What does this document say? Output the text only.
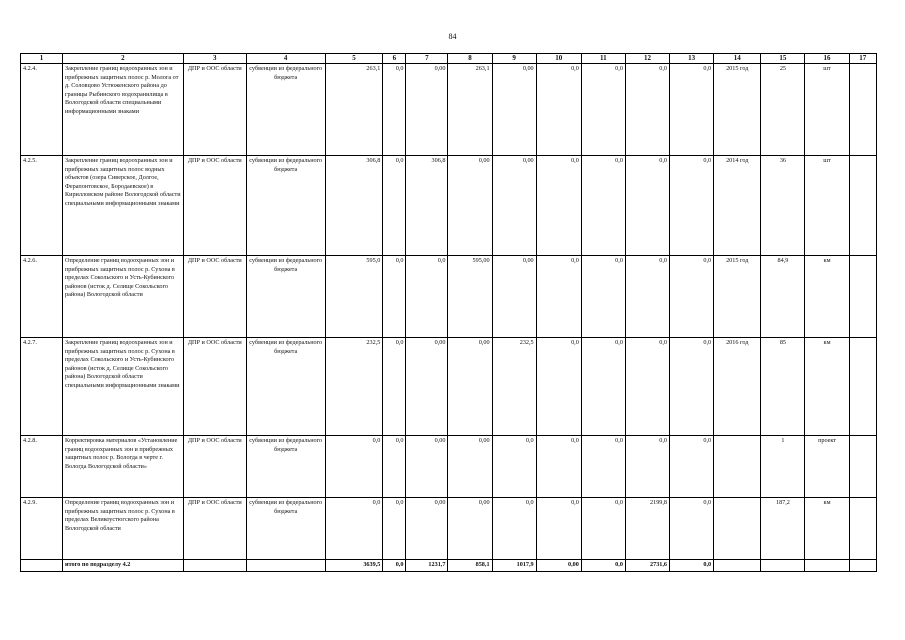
84
1	2	3	4	5	6	7	8	9	10	11	12	13	14	15	16	17
4.2.4.	Закрепление границ водоохранных зон и прибрежных защитных полос р. Молога от д. Соловцово Устюженского района до границы Рыбинского водохранилища в Вологодской области специальными информационными знаками	ДПР и ООС области	субвенции из федерального бюджета	263,1	0,0	0,00	263,1	0,00	0,0	0,0	0,0	0,0	2015 год	25	шт	
4.2.5.	Закрепление границ водоохранных зон и прибрежных защитных полос водных объектов (озера Сиверское, Долгое, Ферапонтовское, Бородаевское) в Кирилловском районе Вологодской области специальными информационными знаками	ДПР и ООС области	субвенции из федерального бюджета	306,8	0,0	306,8	0,00	0,00	0,0	0,0	0,0	0,0	2014 год	36	шт	
4.2.6.	Определение границ водоохранных зон и прибрежных защитных полос р. Сухона в пределах Сокольского и Усть-Кубинского районов (исток д. Селище Сокольского района) Вологодской области	ДПР и ООС области	субвенции из федерального бюджета	595,0	0,0	0,0	595,00	0,00	0,0	0,0	0,0	0,0	2015 год	84,9	км	
4.2.7.	Закрепление границ водоохранных зон и прибрежных защитных полос р. Сухона в пределах Сокольского и Усть-Кубинского районов (исток д. Селище Сокольского района) Вологодской области специальными информационными знаками	ДПР и ООС области	субвенции из федерального бюджета	232,5	0,0	0,00	0,00	232,5	0,0	0,0	0,0	0,0	2016 год	85	км	
4.2.8.	Корректировка материалов «Установление границ водоохранных зон и прибрежных защитных полос р. Вологда в черте г. Вологда Вологодской области»	ДПР и ООС области	субвенции из федерального бюджета	0,0	0,0	0,00	0,00	0,0	0,0	0,0	0,0	0,0		1	проект	
4.2.9.	Определение границ водоохранных зон и прибрежных защитных полос р. Сухона в пределах Великоустюгского района Вологодской области	ДПР и ООС области	субвенции из федерального бюджета	0,0	0,0	0,00	0,00	0,0	0,0	0,0	2199,8	0,0		187,2	км	
	итого по подразделу 4.2			3639,5	0,0	1231,7	858,1	1017,9	0,00	0,0	2731,6	0,0				
